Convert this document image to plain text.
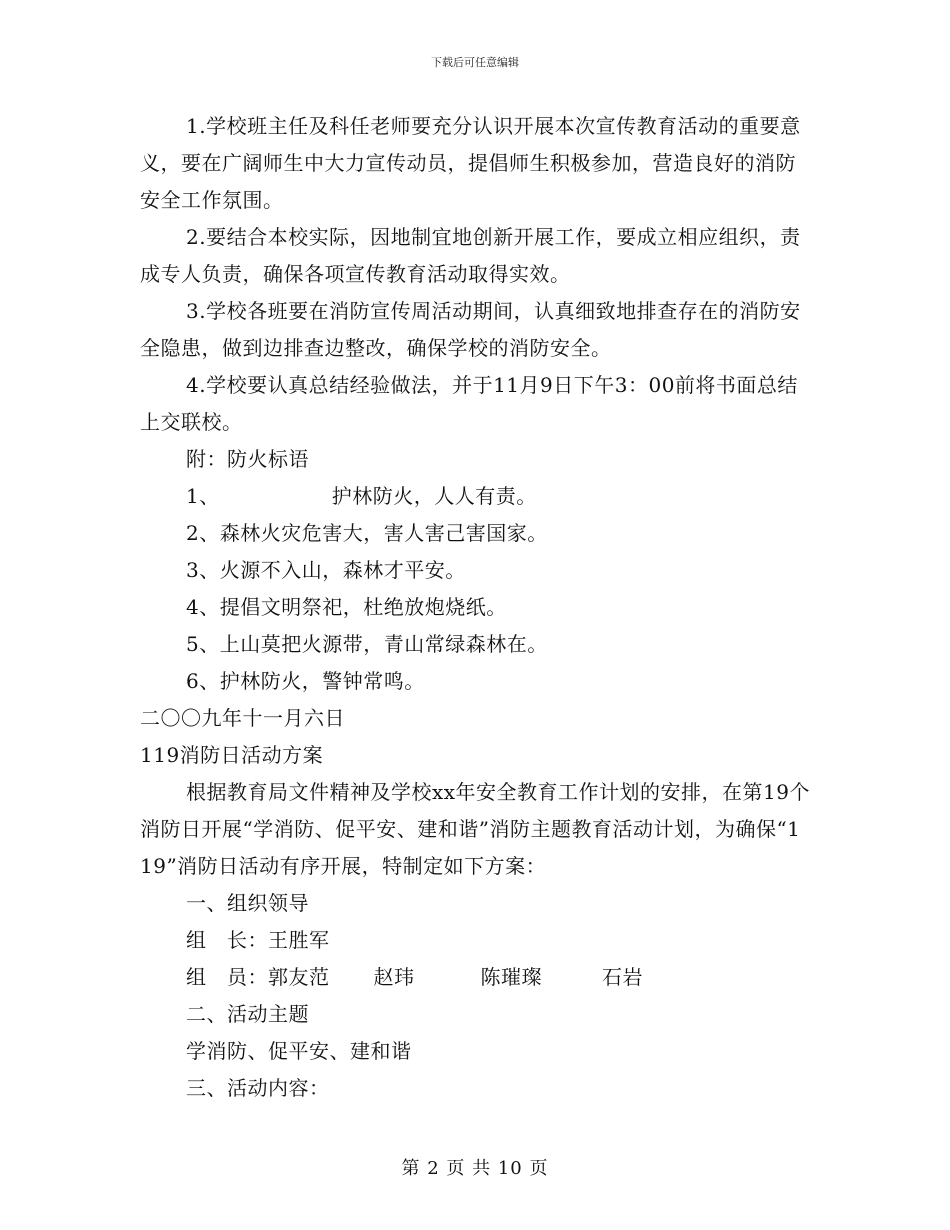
下载后可任意编辑

1.学校班主任及科任老师要充分认识开展本次宣传教育活动的重要意义，要在广阔师生中大力宣传动员，提倡师生积极参加，营造良好的消防安全工作氛围。

2.要结合本校实际，因地制宜地创新开展工作，要成立相应组织，责成专人负责，确保各项宣传教育活动取得实效。

3.学校各班要在消防宣传周活动期间，认真细致地排查存在的消防安全隐患，做到边排查边整改，确保学校的消防安全。

4.学校要认真总结经验做法，并于11月9日下午3：00前将书面总结上交联校。

附：防火标语

1、	护林防火，人人有责。

2、森林火灾危害大，害人害己害国家。

3、火源不入山，森林才平安。

4、提倡文明祭祀，杜绝放炮烧纸。

5、上山莫把火源带，青山常绿森林在。

6、护林防火，警钟常鸣。

二〇〇九年十一月六日

119消防日活动方案

根据教育局文件精神及学校xx年安全教育工作计划的安排，在第19个消防日开展“学消防、促平安、建和谐”消防主题教育活动计划，为确保“119”消防日活动有序开展，特制定如下方案：

一、组织领导

组　长：王胜军

组　员：郭友范 赵玮	陈璀璨	石岩

二、活动主题

学消防、促平安、建和谐

三、活动内容：

第 2 页 共 10 页
